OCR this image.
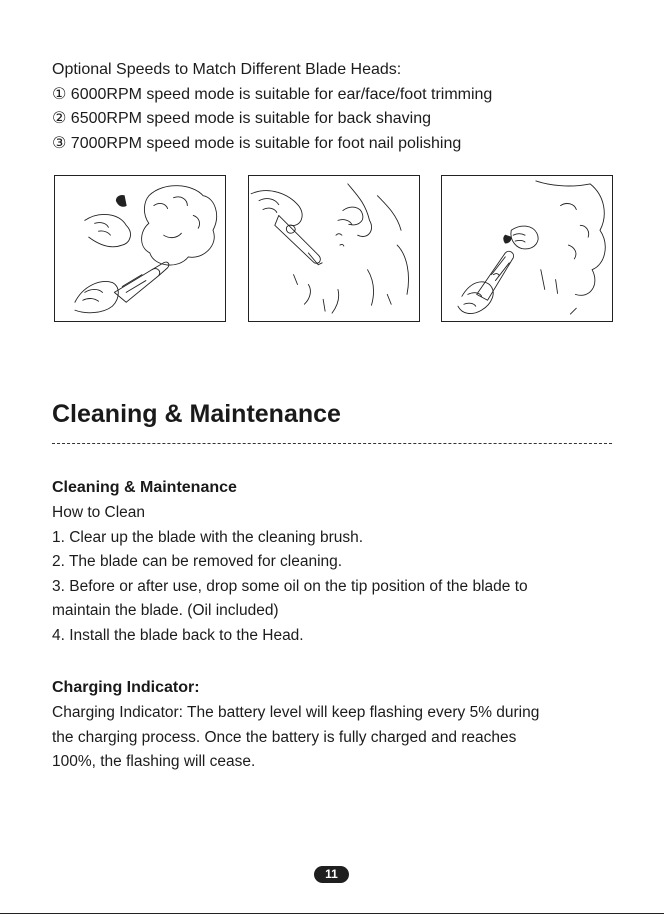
Optional Speeds to Match Different Blade Heads:
① 6000RPM speed mode is suitable for ear/face/foot trimming
② 6500RPM speed mode is suitable for back shaving
③ 7000RPM speed mode is suitable for foot nail polishing
Cleaning & Maintenance
Cleaning & Maintenance
How to Clean
1. Clear up the blade with the cleaning brush.
2. The blade can be removed for cleaning.
3. Before or after use, drop some oil on the tip position of the blade to
maintain the blade. (Oil included)
4. Install the blade back to the Head.
Charging Indicator:
Charging Indicator: The battery level will keep flashing every 5% during
the charging process. Once the battery is fully charged and reaches
100%, the flashing will cease.
11
